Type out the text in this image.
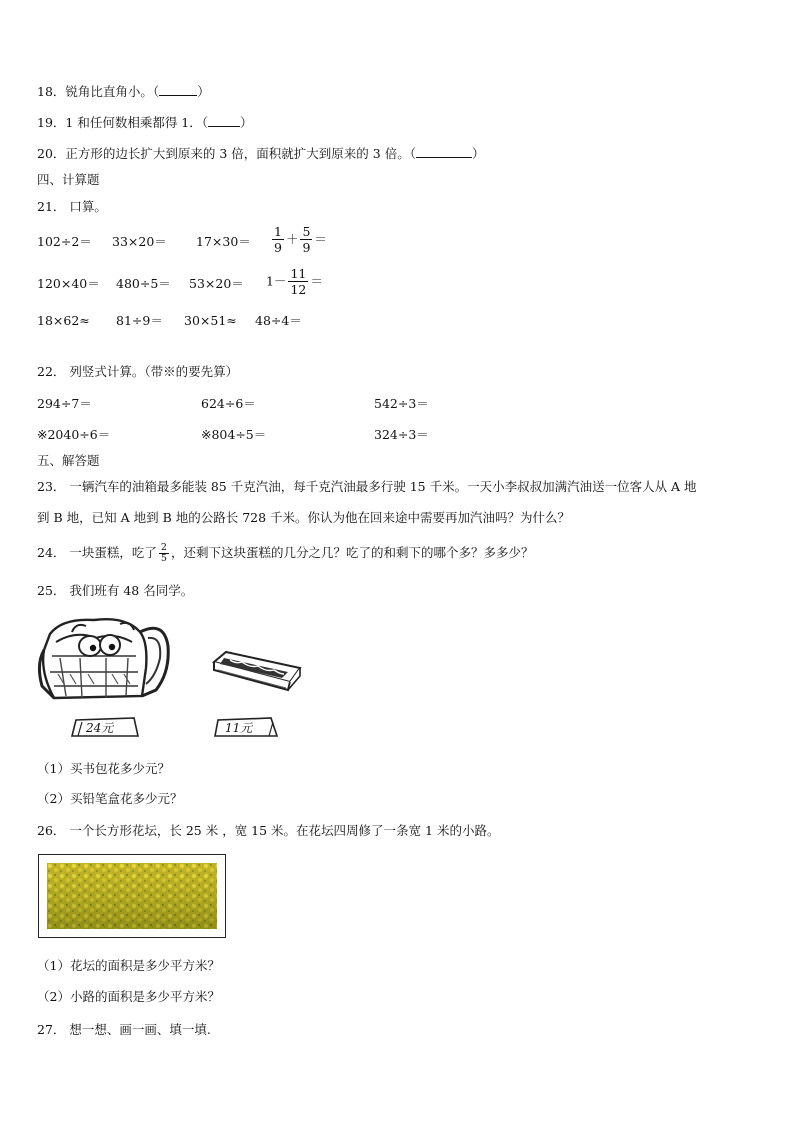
18．锐角比直角小。（	）
19．1 和任何数相乘都得 1．（	）
20．正方形的边长扩大到原来的 3 倍，面积就扩大到原来的 3 倍。（	）
四、计算题
21． 口算。
$102\div 2= 33\times 20= 17\times 30= \frac{1}{9} + \frac{5}{9}$ ＝
$120\times 40= 480\div 5= 53\times 20= 1- \frac{11}{12}$ ＝
18×62≈ 81÷9＝ 30×51≈ 48÷4＝
22． 列竖式计算。（带※的要先算）
294÷7＝	624÷6＝	542÷3＝
※2040÷6＝	※804÷5＝	324÷3＝
五、解答题
23． 一辆汽车的油箱最多能装 85 千克汽油，每千克汽油最多行驶 15 千米。一天小李叔叔加满汽油送一位客人从 A 地
到 B 地，已知 A 地到 B 地的公路长 728 千米。你认为他在回来途中需要再加汽油吗？为什么？
24． 一块蛋糕，吃了 $\frac{2}{5}$ ，还剩下这块蛋糕的几分之几？吃了的和剩下的哪个多？多多少？
25． 我们班有 48 名同学。
24元	11元
（1）买书包花多少元？
（2）买铅笔盒花多少元？
26． 一个长方形花坛，长 25 米 ，宽 15 米。在花坛四周修了一条宽 1 米的小路。
（1）花坛的面积是多少平方米？
（2）小路的面积是多少平方米？
27． 想一想、画一画、填一填.
